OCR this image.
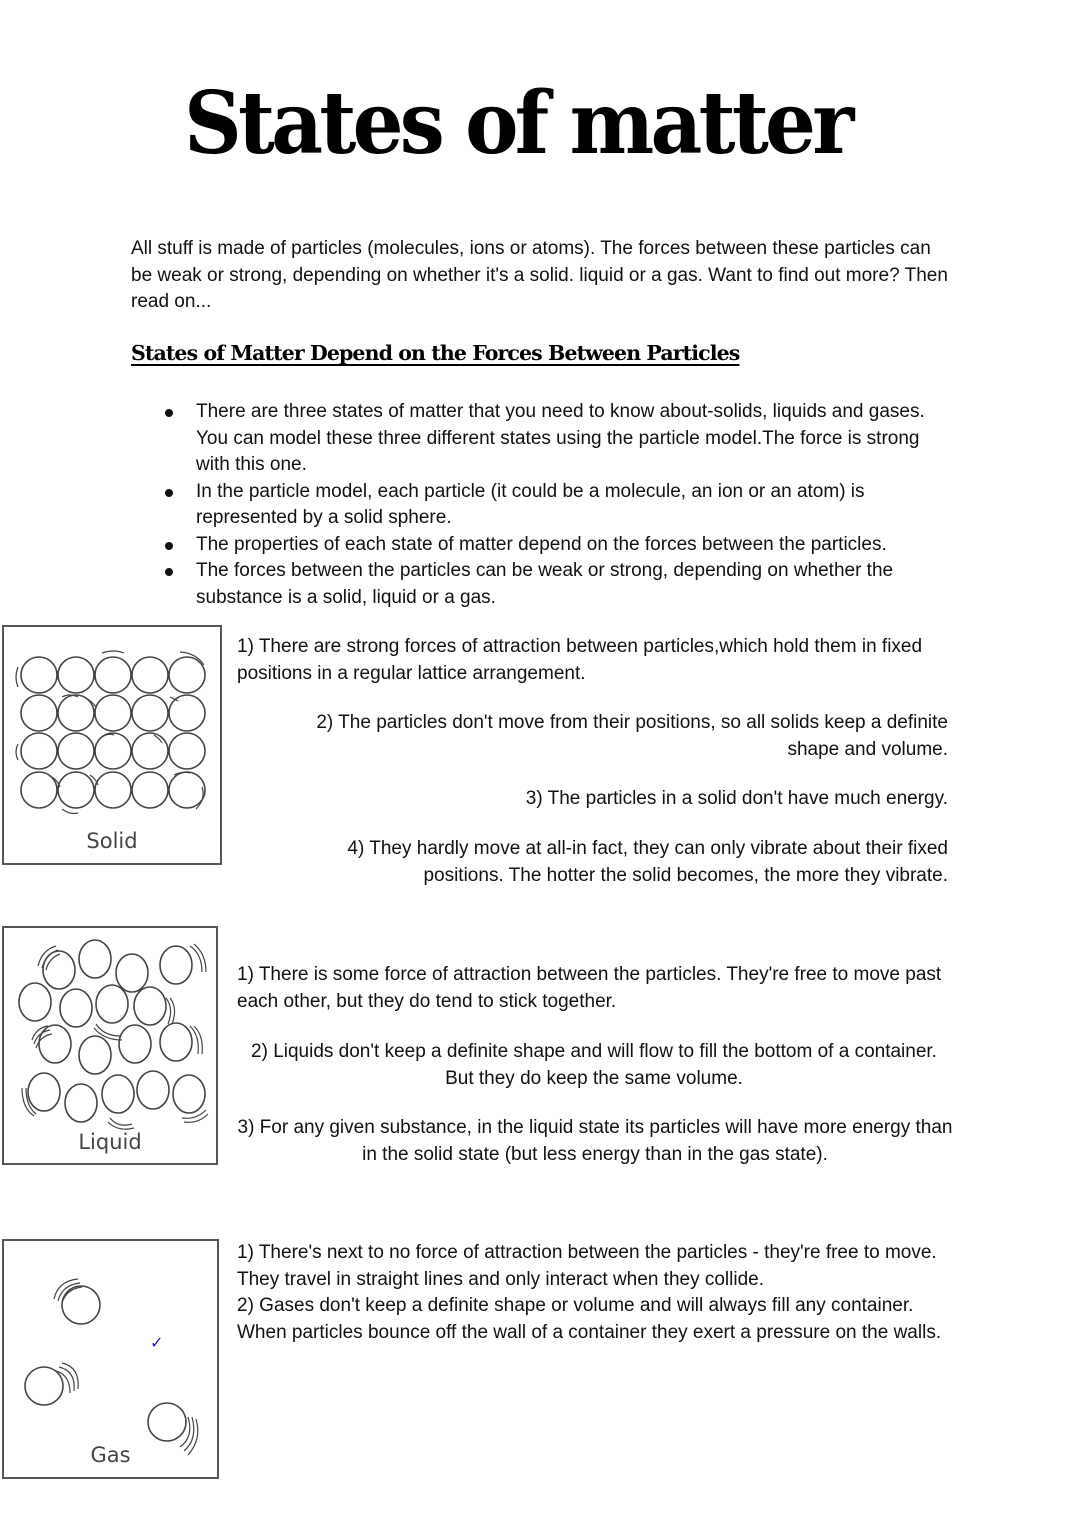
States of matter

All stuff is made of particles (molecules, ions or atoms). The forces between these particles can be weak or strong, depending on whether it's a solid. liquid or a gas. Want to find out more? Then read on...

States of Matter Depend on the Forces Between Particles
There are three states of matter that you need to know about-solids, liquids and gases. You can model these three different states using the particle model.The force is strong with this one.
In the particle model, each particle (it could be a molecule, an ion or an atom) is represented by a solid sphere.
The properties of each state of matter depend on the forces between the particles.
The forces between the particles can be weak or strong, depending on whether the substance is a solid, liquid or a gas.
Solid

1) There are strong forces of attraction between particles,which hold them in fixed positions in a regular lattice arrangement.

2) The particles don't move from their positions, so all solids keep a definite shape and volume.

3) The particles in a solid don't have much energy.

4) They hardly move at all-in fact, they can only vibrate about their fixed positions. The hotter the solid becomes, the more they vibrate.

Liquid

1) There is some force of attraction between the particles. They're free to move past each other, but they do tend to stick together.

2) Liquids don't keep a definite shape and will flow to fill the bottom of a container. But they do keep the same volume.

3) For any given substance, in the liquid state its particles will have more energy than in the solid state (but less energy than in the gas state).

✓
Gas

1) There's next to no force of attraction between the particles - they're free to move. They travel in straight lines and only interact when they collide.

2) Gases don't keep a definite shape or volume and will always fill any container. When particles bounce off the wall of a container they exert a pressure on the walls.
